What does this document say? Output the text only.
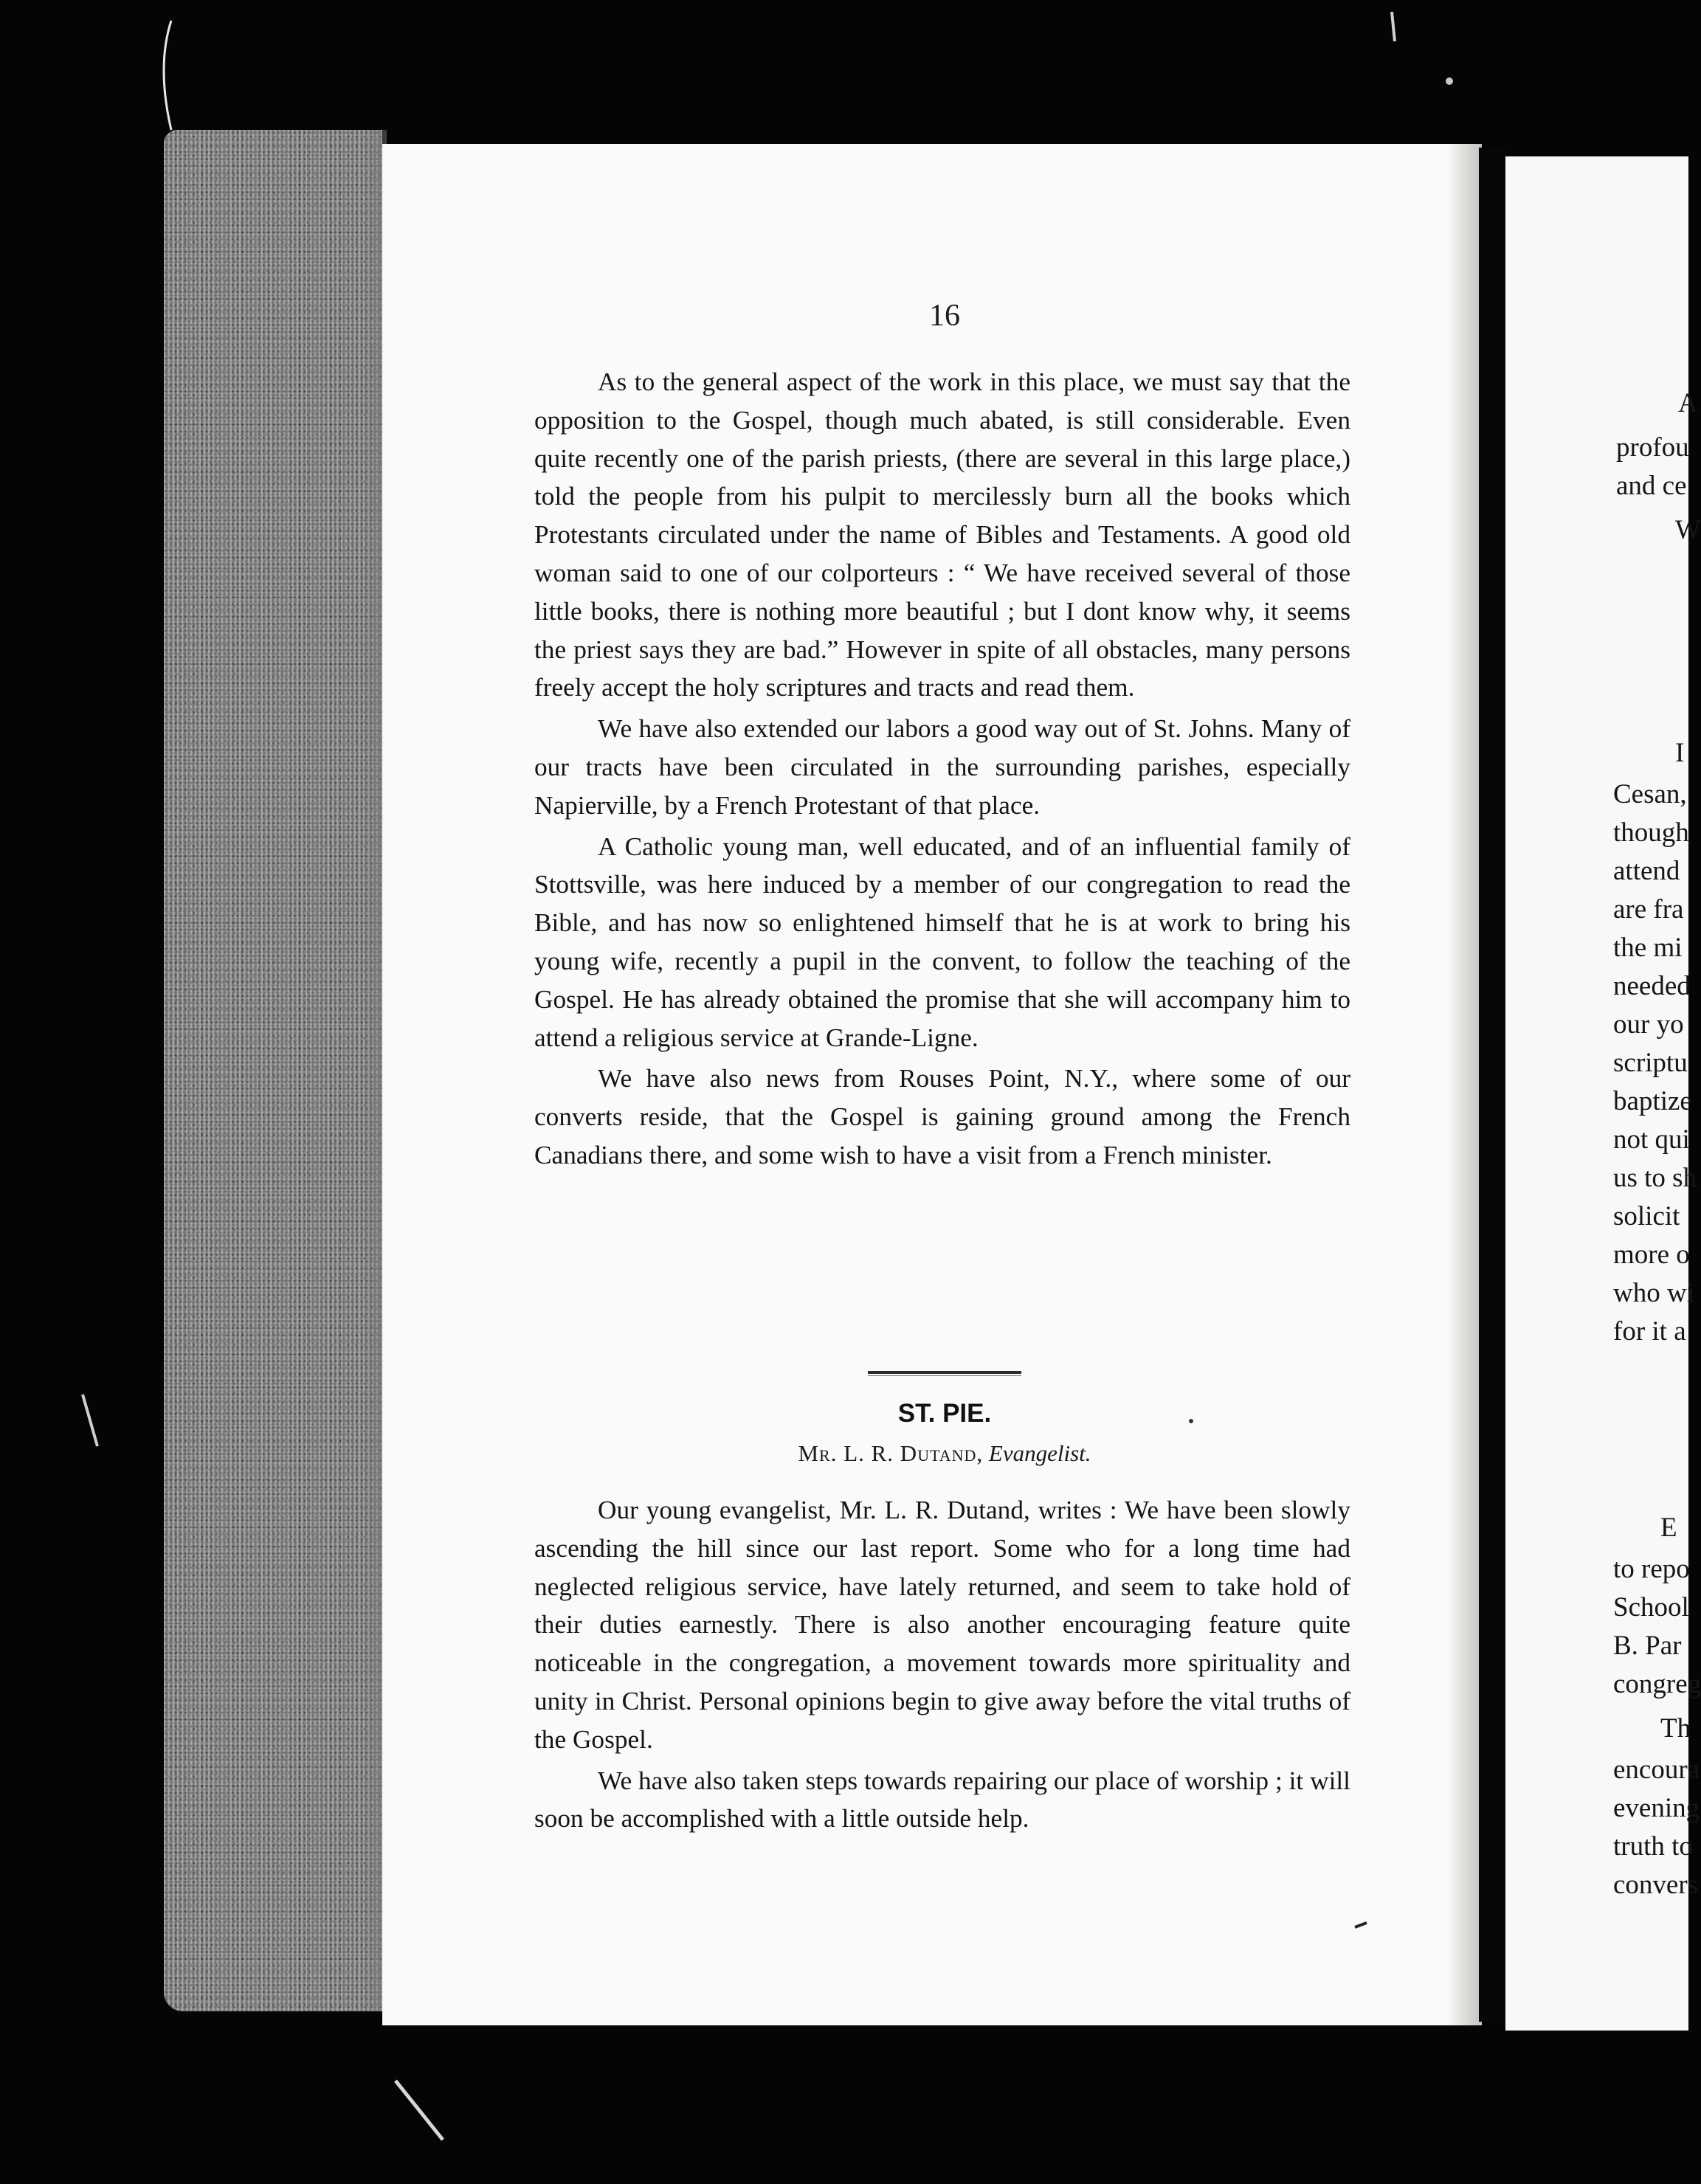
A
profou
and ce
W
I
Cesan,
though
attend
are fra
the mi
needed
our yo
scriptu
baptize
not qui
us to sh
solicit
more o
who wi
for it a
E
to repo
School
B. Par
congreg
Th
encoura
evening
truth to
convers
16

As to the general aspect of the work in this place, we must say that the opposition to the Gospel, though much abated, is still considerable. Even quite recently one of the parish priests, (there are several in this large place,) told the people from his pulpit to mercilessly burn all the books which Protestants circulated under the name of Bibles and Testaments. A good old woman said to one of our colporteurs : “ We have received several of those little books, there is nothing more beautiful ; but I dont know why, it seems the priest says they are bad.” However in spite of all obstacles, many persons freely accept the holy scriptures and tracts and read them.

We have also extended our labors a good way out of St. Johns. Many of our tracts have been circulated in the surrounding parishes, especially Napierville, by a French Protestant of that place.

A Catholic young man, well educated, and of an influential family of Stottsville, was here induced by a member of our congregation to read the Bible, and has now so enlightened himself that he is at work to bring his young wife, recently a pupil in the convent, to follow the teaching of the Gospel. He has already obtained the promise that she will accompany him to attend a religious service at Grande-Ligne.

We have also news from Rouses Point, N.Y., where some of our converts reside, that the Gospel is gaining ground among the French Canadians there, and some wish to have a visit from a French minister.

ST. PIE.
Mr. L. R. Dutand, Evangelist.

Our young evangelist, Mr. L. R. Dutand, writes : We have been slowly ascending the hill since our last report. Some who for a long time had neglected religious service, have lately returned, and seem to take hold of their duties earnestly. There is also another encouraging feature quite noticeable in the congregation, a movement towards more spirituality and unity in Christ. Personal opinions begin to give away before the vital truths of the Gospel.

We have also taken steps towards repairing our place of worship ; it will soon be accomplished with a little outside help.
